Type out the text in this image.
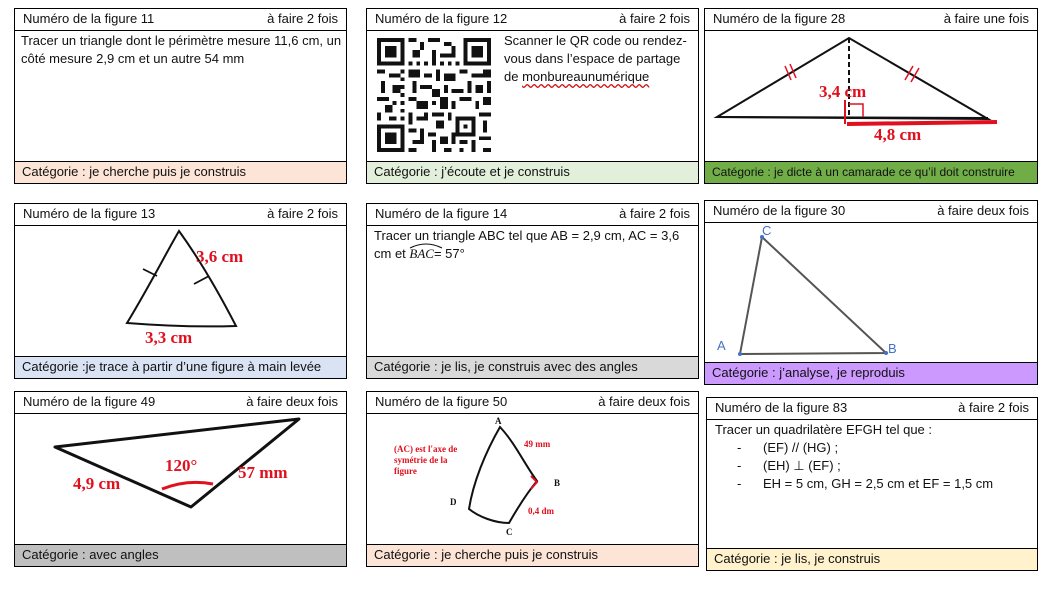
Numéro de la figure 11	à faire 2 fois
Tracer un triangle dont le périmètre mesure 11,6 cm, un côté mesure 2,9 cm et un autre 54 mm
Catégorie : je cherche puis je construis
Numéro de la figure 12	à faire 2 fois
Scanner le QR code ou rendez-vous dans l’espace de partage de monbureaunumérique
Catégorie : j’écoute et je construis
Numéro de la figure 28	à faire une fois
3,4 cm
4,8 cm
Catégorie : je dicte à un camarade ce qu’il doit construire
Numéro de la figure 13	à faire 2 fois
3,6 cm
3,3 cm
Catégorie :je trace à partir d’une figure à main levée
Numéro de la figure 14	à faire 2 fois
Tracer un triangle ABC tel que AB = 2,9 cm, AC = 3,6
cm et
BAC= 57°
Catégorie : je lis, je construis avec des angles
Numéro de la figure 30	à faire deux fois
A	B
C
Catégorie : j’analyse, je reproduis
Numéro de la figure 49	à faire deux fois
120°
4,9 cm
57 mm
Catégorie : avec angles
Numéro de la figure 50	à faire deux fois
(AC) est l'axe de
symétrie de la
figure
49 mm
0,4 dm
A
B
C
D
Catégorie : je cherche puis je construis
Numéro de la figure 83	à faire 2 fois
Tracer un quadrilatère EFGH tel que :
- (EF) // (HG) ;
- (EH) ⊥ (EF) ;
- EH = 5 cm, GH = 2,5 cm et EF = 1,5 cm
Catégorie : je lis, je construis
